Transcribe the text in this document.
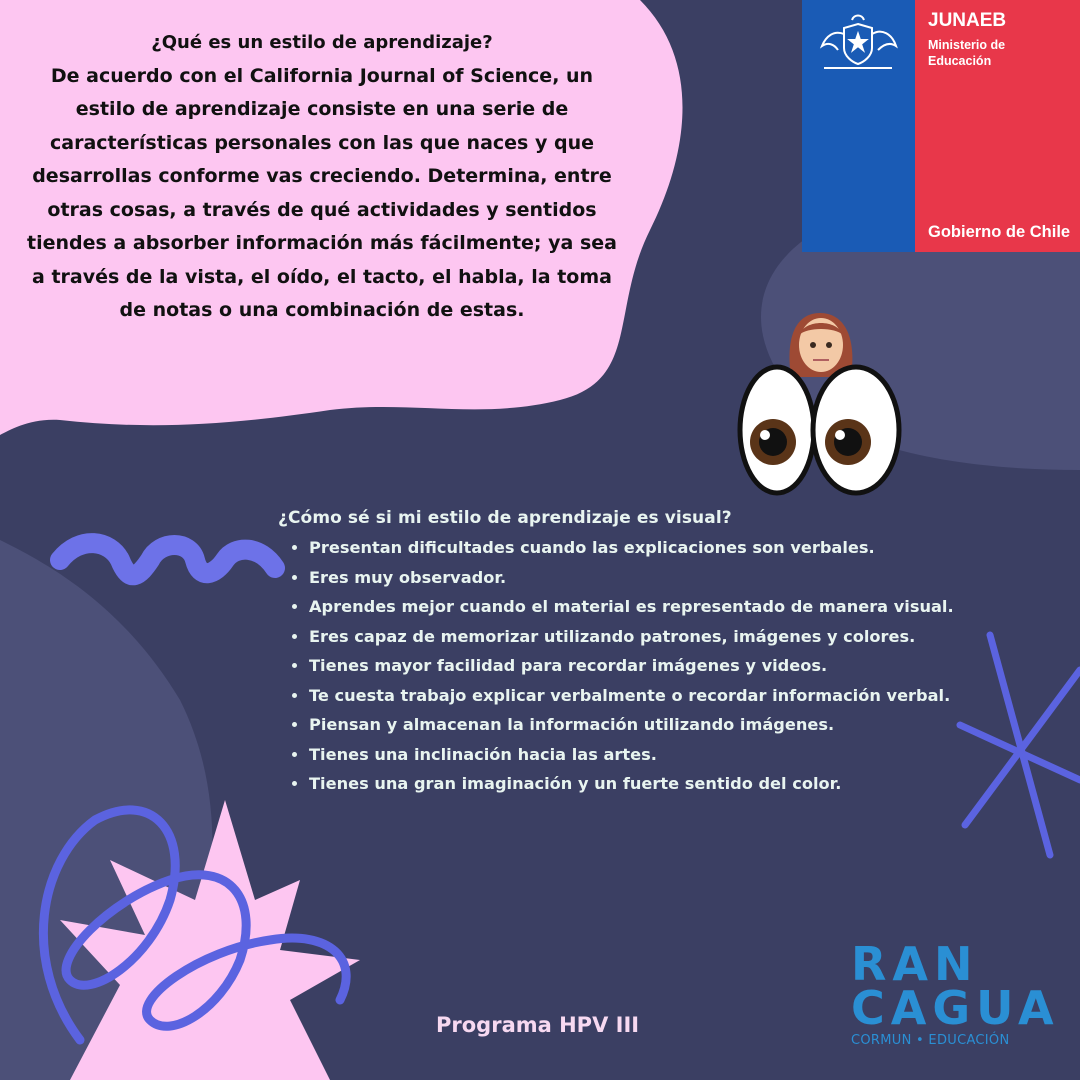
¿Qué es un estilo de aprendizaje?
De acuerdo con el California Journal of Science, un estilo de aprendizaje consiste en una serie de características personales con las que naces y que desarrollas conforme vas creciendo. Determina, entre otras cosas, a través de qué actividades y sentidos tiendes a absorber información más fácilmente; ya sea a través de la vista, el oído, el tacto, el habla, la toma de notas o una combinación de estas.
JUNAEB
Ministerio de Educación
Gobierno de Chile
¿Cómo sé si mi estilo de aprendizaje es visual?
• Presentan dificultades cuando las explicaciones son verbales.
• Eres muy observador.
• Aprendes mejor cuando el material es representado de manera visual.
• Eres capaz de memorizar utilizando patrones, imágenes y colores.
• Tienes mayor facilidad para recordar imágenes y videos.
• Te cuesta trabajo explicar verbalmente o recordar información verbal.
• Piensan y almacenan la información utilizando imágenes.
• Tienes una inclinación hacia las artes.
• Tienes una gran imaginación y un fuerte sentido del color.
Programa HPV III
RAN
CAGUA
CORMUN • EDUCACIÓN
